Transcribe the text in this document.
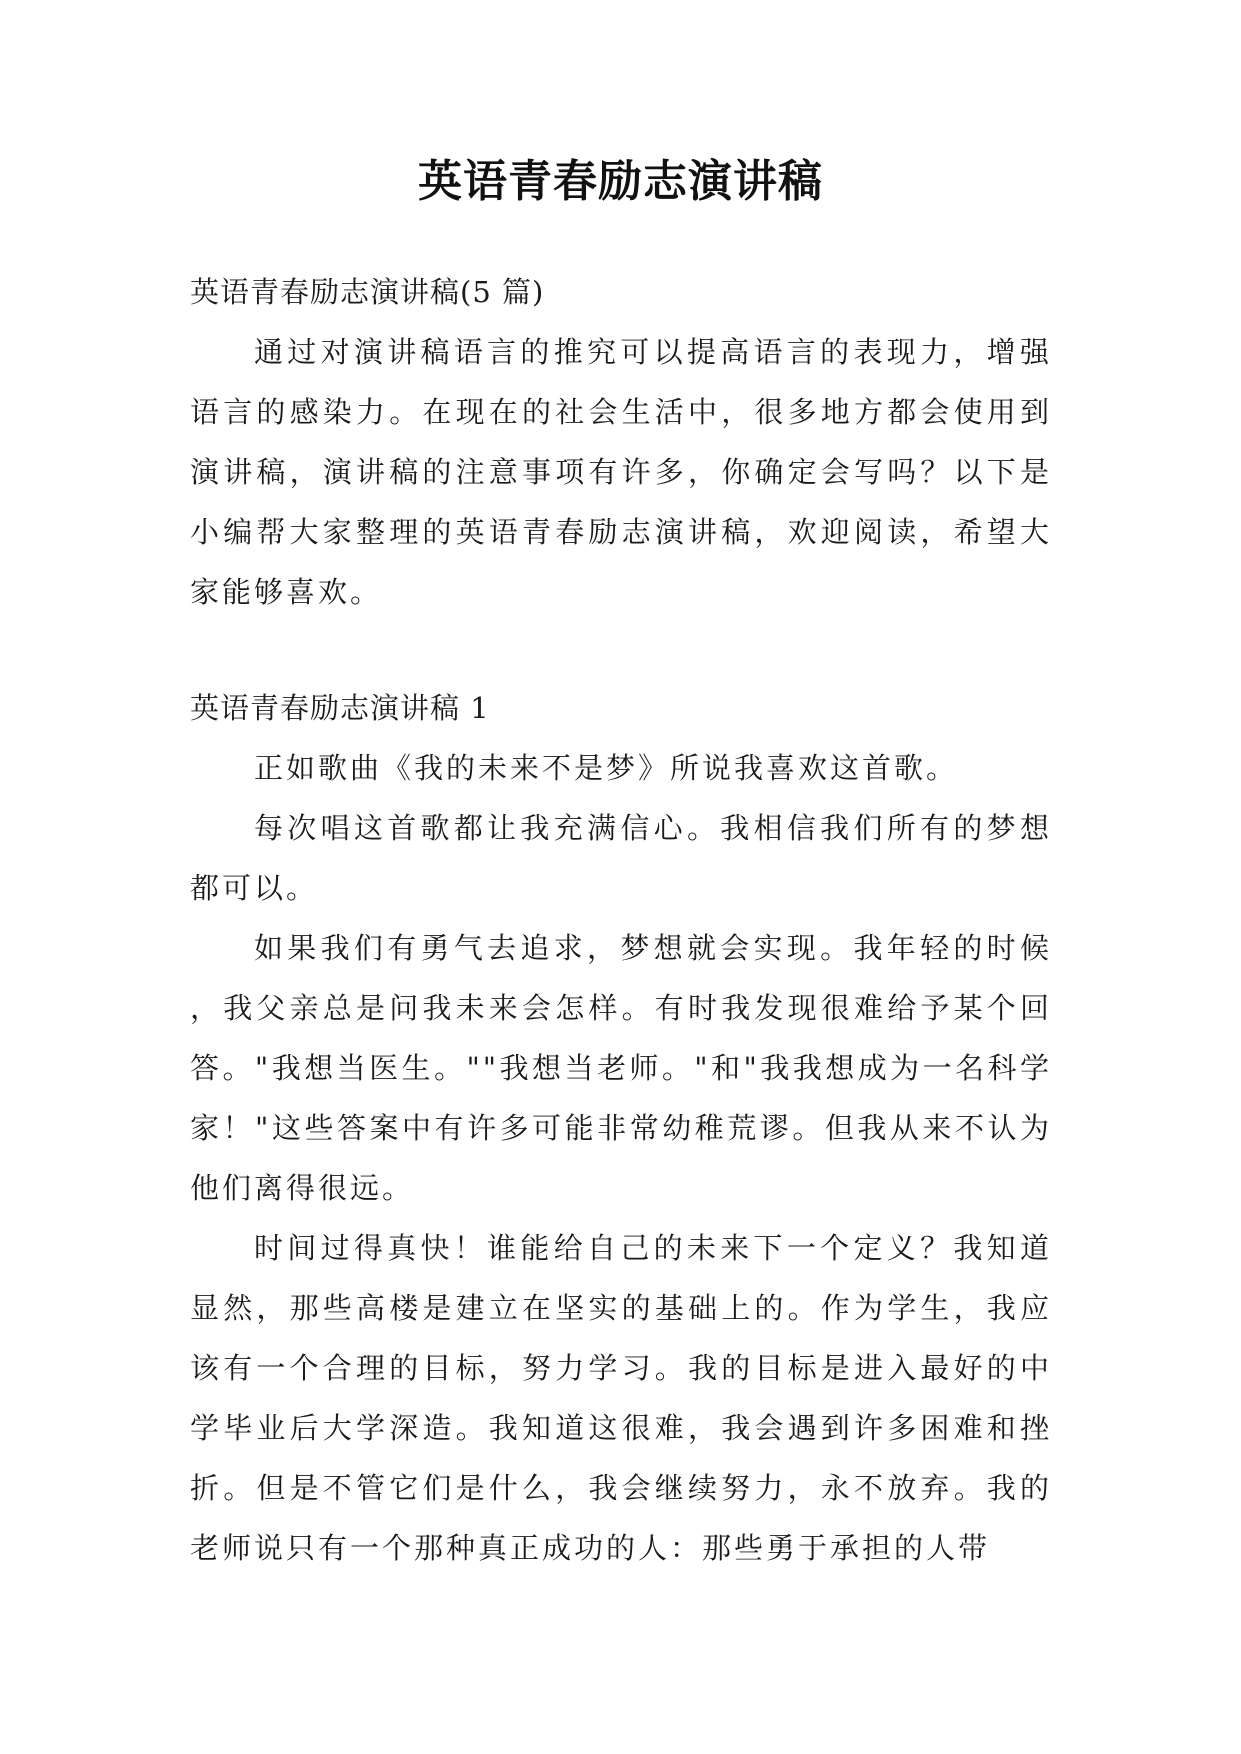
英语青春励志演讲稿

英语青春励志演讲稿(5 篇)

通过对演讲稿语言的推究可以提高语言的表现力，增强语言的感染力。在现在的社会生活中，很多地方都会使用到演讲稿，演讲稿的注意事项有许多，你确定会写吗？以下是小编帮大家整理的英语青春励志演讲稿，欢迎阅读，希望大家能够喜欢。

英语青春励志演讲稿 1

正如歌曲《我的未来不是梦》所说我喜欢这首歌。

每次唱这首歌都让我充满信心。我相信我们所有的梦想都可以。

如果我们有勇气去追求，梦想就会实现。我年轻的时候，我父亲总是问我未来会怎样。有时我发现很难给予某个回答。"我想当医生。""我想当老师。"和"我我想成为一名科学家！"这些答案中有许多可能非常幼稚荒谬。但我从来不认为他们离得很远。

时间过得真快！谁能给自己的未来下一个定义？我知道显然，那些高楼是建立在坚实的基础上的。作为学生，我应该有一个合理的目标，努力学习。我的目标是进入最好的中学毕业后大学深造。我知道这很难，我会遇到许多困难和挫折。但是不管它们是什么，我会继续努力，永不放弃。我的老师说只有一个那种真正成功的人：那些勇于承担的人带
